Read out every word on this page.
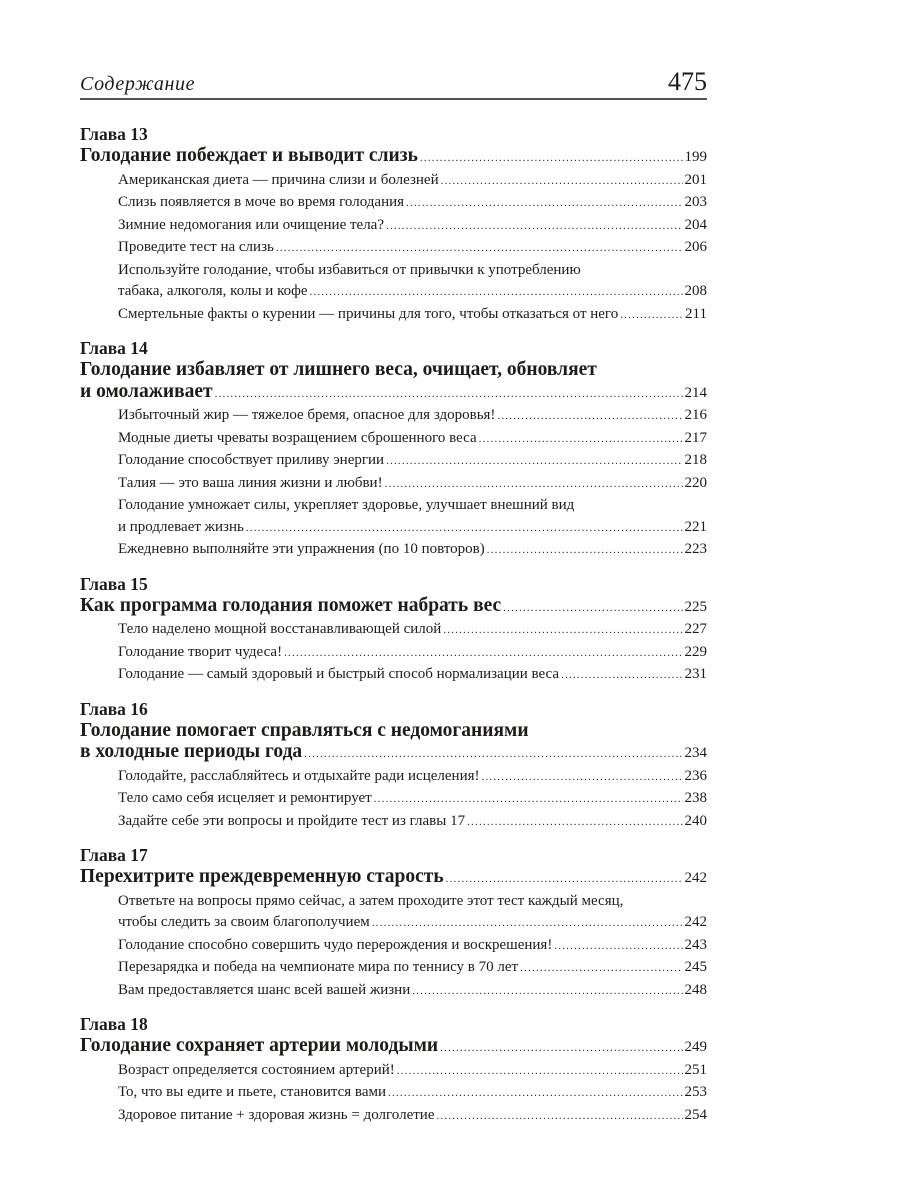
Содержание	475
Глава 13
Голодание побеждает и выводит слизь .....	199
Американская диета — причина слизи и болезней .....	201
Слизь появляется в моче во время голодания .....	203
Зимние недомогания или очищение тела? .....	204
Проведите тест на слизь .....	206
Используйте голодание, чтобы избавиться от привычки к употреблению
табака, алкоголя, колы и кофе .....	208
Смертельные факты о курении — причины для того, чтобы отказаться от него .....	211
Глава 14
Голодание избавляет от лишнего веса, очищает, обновляет
и омолаживает .....	214
Избыточный жир — тяжелое бремя, опасное для здоровья! .....	216
Модные диеты чреваты возращением сброшенного веса .....	217
Голодание способствует приливу энергии .....	218
Талия — это ваша линия жизни и любви! .....	220
Голодание умножает силы, укрепляет здоровье, улучшает внешний вид
и продлевает жизнь .....	221
Ежедневно выполняйте эти упражнения (по 10 повторов) .....	223
Глава 15
Как программа голодания поможет набрать вес .....	225
Тело наделено мощной восстанавливающей силой .....	227
Голодание творит чудеса! .....	229
Голодание — самый здоровый и быстрый способ нормализации веса .....	231
Глава 16
Голодание помогает справляться с недомоганиями
в холодные периоды года .....	234
Голодайте, расслабляйтесь и отдыхайте ради исцеления! .....	236
Тело само себя исцеляет и ремонтирует .....	238
Задайте себе эти вопросы и пройдите тест из главы 17 .....	240
Глава 17
Перехитрите преждевременную старость .....	242
Ответьте на вопросы прямо сейчас, а затем проходите этот тест каждый месяц,
чтобы следить за своим благополучием .....	242
Голодание способно совершить чудо перерождения и воскрешения! .....	243
Перезарядка и победа на чемпионате мира по теннису в 70 лет .....	245
Вам предоставляется шанс всей вашей жизни .....	248
Глава 18
Голодание сохраняет артерии молодыми .....	249
Возраст определяется состоянием артерий! .....	251
То, что вы едите и пьете, становится вами .....	253
Здоровое питание + здоровая жизнь = долголетие .....	254
